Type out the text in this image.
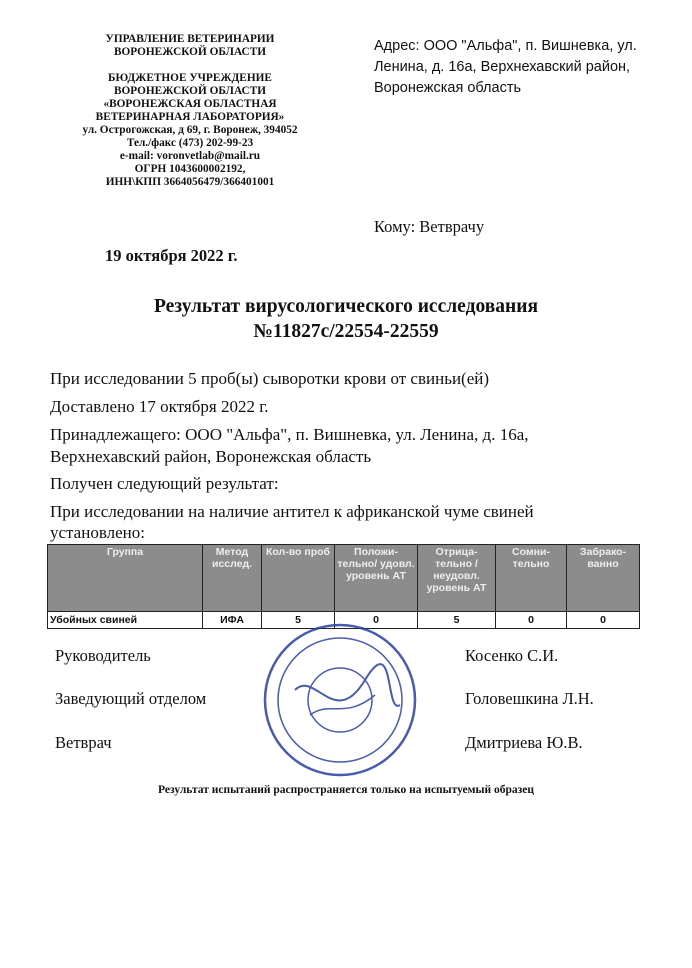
УПРАВЛЕНИЕ ВЕТЕРИНАРИИ
ВОРОНЕЖСКОЙ ОБЛАСТИ
БЮДЖЕТНОЕ УЧРЕЖДЕНИЕ
ВОРОНЕЖСКОЙ ОБЛАСТИ
«ВОРОНЕЖСКАЯ ОБЛАСТНАЯ
ВЕТЕРИНАРНАЯ ЛАБОРАТОРИЯ»
ул. Острогожская, д 69, г. Воронеж, 394052
Тел./факс (473) 202-99-23
e-mail: voronvetlab@mail.ru
ОГРН 1043600002192,
ИНН\КПП 3664056479/366401001
Адрес: ООО "Альфа", п. Вишневка, ул. Ленина, д. 16а, Верхнехавский район, Воронежская область
Кому: Ветврачу
19 октября 2022 г.
Результат вирусологического исследования
№11827с/22554-22559
При исследовании 5 проб(ы) сыворотки крови от свиньи(ей)
Доставлено 17 октября 2022 г.
Принадлежащего: ООО "Альфа", п. Вишневка, ул. Ленина, д. 16а,
Верхнехавский район, Воронежская область
Получен следующий результат:
При исследовании на наличие антител к африканской чуме свиней
установлено:
Группа	Метод исслед.	Кол-во проб	Положи-тельно/ удовл. уровень АТ	Отрица-тельно / неудовл. уровень АТ	Сомни-тельно	Забрако-ванно
Убойных свиней	ИФА	5	0	5	0	0
Руководитель	Косенко С.И.
Заведующий отделом	Головешкина Л.Н.
Ветврач	Дмитриева Ю.В.
Результат испытаний распространяется только на испытуемый образец
